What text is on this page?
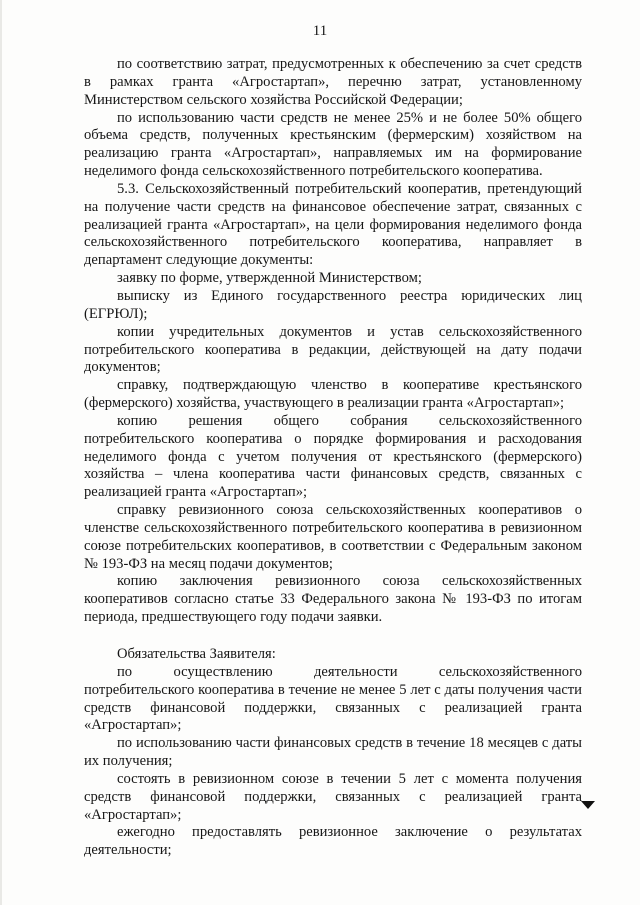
11

по соответствию затрат, предусмотренных к обеспечению за счет средств в рамках гранта «Агростартап», перечню затрат, установленному Министерством сельского хозяйства Российской Федерации;

по использованию части средств не менее 25% и не более 50% общего объема средств, полученных крестьянским (фермерским) хозяйством на реализацию гранта «Агростартап», направляемых им на формирование неделимого фонда сельскохозяйственного потребительского кооператива.

5.3. Сельскохозяйственный потребительский кооператив, претендующий на получение части средств на финансовое обеспечение затрат, связанных с реализацией гранта «Агростартап», на цели формирования неделимого фонда сельскохозяйственного потребительского кооператива, направляет в департамент следующие документы:

заявку по форме, утвержденной Министерством;

выписку из Единого государственного реестра юридических лиц (ЕГРЮЛ);

копии учредительных документов и устав сельскохозяйственного потребительского кооператива в редакции, действующей на дату подачи документов;

справку, подтверждающую членство в кооперативе крестьянского (фермерского) хозяйства, участвующего в реализации гранта «Агростартап»;

копию решения общего собрания сельскохозяйственного потребительского кооператива о порядке формирования и расходования неделимого фонда с учетом получения от крестьянского (фермерского) хозяйства – члена кооператива части финансовых средств, связанных с реализацией гранта «Агростартап»;

справку ревизионного союза сельскохозяйственных кооперативов о членстве сельскохозяйственного потребительского кооператива в ревизионном союзе потребительских кооперативов, в соответствии с Федеральным законом № 193-ФЗ на месяц подачи документов;

копию заключения ревизионного союза сельскохозяйственных кооперативов согласно статье 33 Федерального закона № 193-ФЗ по итогам периода, предшествующего году подачи заявки.

Обязательства Заявителя:

по осуществлению деятельности сельскохозяйственного потребительского кооператива в течение не менее 5 лет с даты получения части средств финансовой поддержки, связанных с реализацией гранта «Агростартап»;

по использованию части финансовых средств в течение 18 месяцев с даты их получения;

состоять в ревизионном союзе в течении 5 лет с момента получения средств финансовой поддержки, связанных с реализацией гранта «Агростартап»;

ежегодно предоставлять ревизионное заключение о результатах деятельности;
